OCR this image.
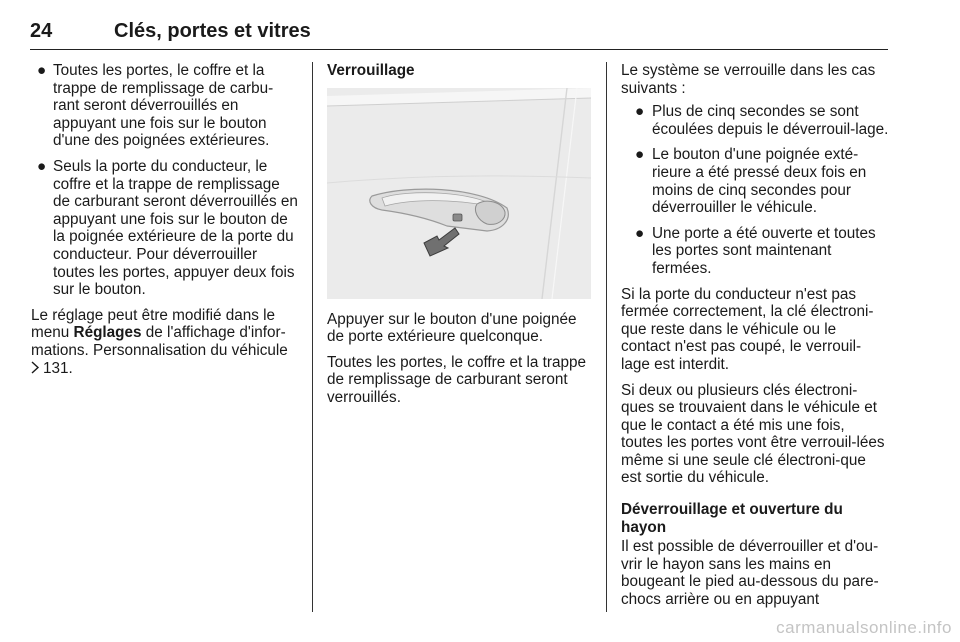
24	Clés, portes et vitres
● Toutes les portes, le coffre et la trappe de remplissage de carbu-rant seront déverrouillés en appuyant une fois sur le bouton d'une des poignées extérieures.
● Seuls la porte du conducteur, le coffre et la trappe de remplissage de carburant seront déverrouillés en appuyant une fois sur le bouton de la poignée extérieure de la porte du conducteur. Pour déverrouiller toutes les portes, appuyer deux fois sur le bouton.

Le réglage peut être modifié dans le menu Réglages de l'affichage d'infor-mations. Personnalisation du véhicule 131.

Verrouillage

Appuyer sur le bouton d'une poignée de porte extérieure quelconque.

Toutes les portes, le coffre et la trappe de remplissage de carburant seront verrouillés.

Le système se verrouille dans les cas suivants :

● Plus de cinq secondes se sont écoulées depuis le déverrouil-lage.
● Le bouton d'une poignée exté-rieure a été pressé deux fois en moins de cinq secondes pour déverrouiller le véhicule.
● Une porte a été ouverte et toutes les portes sont maintenant fermées.

Si la porte du conducteur n'est pas fermée correctement, la clé électroni-que reste dans le véhicule ou le contact n'est pas coupé, le verrouil-lage est interdit.

Si deux ou plusieurs clés électroni-ques se trouvaient dans le véhicule et que le contact a été mis une fois, toutes les portes vont être verrouil-lées même si une seule clé électroni-que est sortie du véhicule.

Déverrouillage et ouverture du hayon

Il est possible de déverrouiller et d'ou-vrir le hayon sans les mains en bougeant le pied au-dessous du pare-chocs arrière ou en appuyant

carmanualsonline.info
